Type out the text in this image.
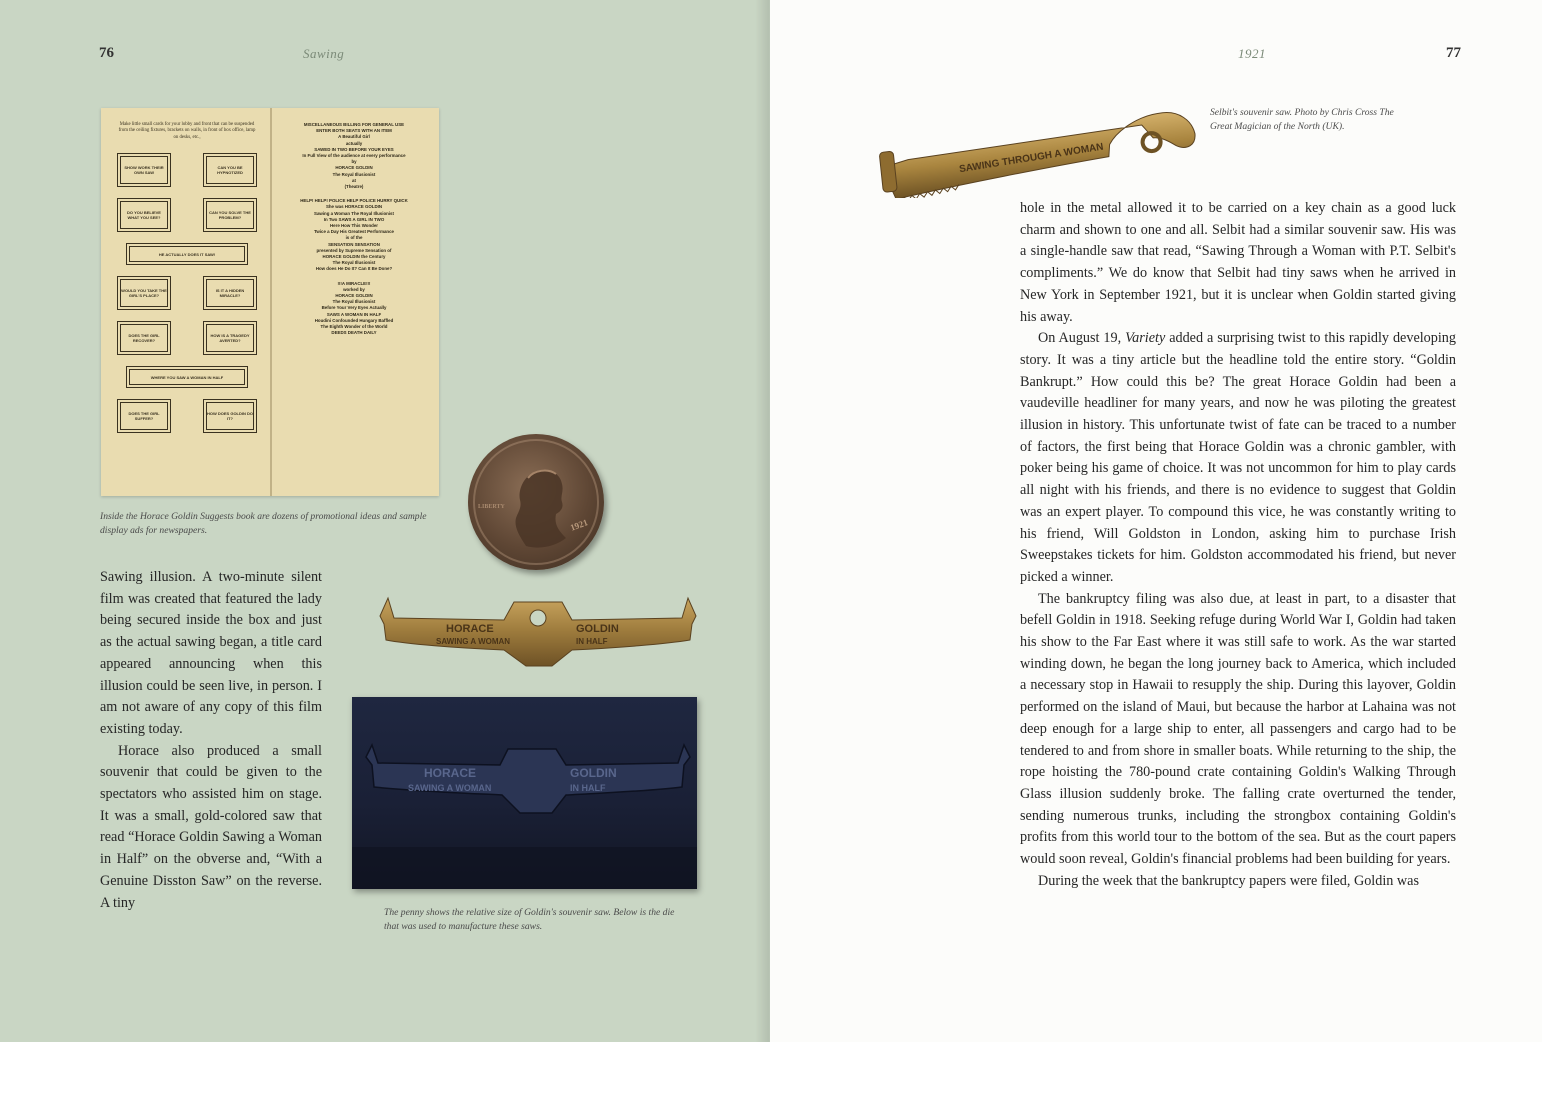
76	Sawing
Make little small cards for your lobby and front that can be suspended from the ceiling fixtures, brackets on walls, in front of box office, lamp on desks, etc.,
SHOW WORK THEIR OWN SAW
CAN YOU BE HYPNOTIZED
DO YOU BELIEVE WHAT YOU SEE?
CAN YOU SOLVE THE PROBLEM?
HE ACTUALLY DOES IT SAW!
WOULD YOU TAKE THE GIRL'S PLACE?
IS IT A HIDDEN MIRACLE?
DOES THE GIRL RECOVER?
HOW IS A TRAGEDY AVERTED?
WHERE YOU SAW A WOMAN IN HALF
DOES THE GIRL SUFFER?
HOW DOES GOLDIN DO IT?
MISCELLANEOUS BILLING FOR GENERAL USE
ENTER BOTH SEATS WITH AN ITEM
A Beautiful Girl
actually
SAWED IN TWO BEFORE YOUR EYES
In Full View of the audience at every performance
by
HORACE GOLDIN
The Royal Illusionist
at
(Theatre)
HELP! HELP! POLICE HELP POLICE HURRY QUICK
She was HORACE GOLDIN
Sawing a Woman The Royal Illusionist
In Two SAWS A GIRL IN TWO
Here How This Wonder
Twice a Day His Greatest Performance
is of the
SENSATION SENSATION
presented by Supreme Sensation of
HORACE GOLDIN the Century
The Royal Illusionist
How does He Do It? Can It Be Done?
!!!A MIRACLE!!!
worked by
HORACE GOLDIN
The Royal Illusionist
Before Your Very Eyes Actually
SAWS A WOMAN IN HALF
Houdini Confounded Hungary Baffled
The Eighth Wonder of the World
DEEDS DEATH DAILY
Inside the Horace Goldin Suggests book are dozens of promotional ideas and sample display ads for newspapers.	1921
LIBERTY
HORACE	GOLDIN
SAWING A WOMAN	IN HALF
HORACE	GOLDIN
SAWING A WOMAN	IN HALF
The penny shows the relative size of Goldin's souvenir saw. Below is the die that was used to manufacture these saws.

Sawing illusion. A two-minute silent film was created that featured the lady being secured inside the box and just as the actual sawing began, a title card appeared announcing when this illusion could be seen live, in person. I am not aware of any copy of this film existing today.

Horace also produced a small souvenir that could be given to the spectators who assisted him on stage. It was a small, gold-colored saw that read “Horace Goldin Sawing a Woman in Half” on the obverse and, “With a Genuine Disston Saw” on the reverse. A tiny

1921	77
SAWING THROUGH A WOMAN
Selbit's souvenir saw. Photo by Chris Cross The Great Magician of the North (UK).

hole in the metal allowed it to be carried on a key chain as a good luck charm and shown to one and all. Selbit had a similar souvenir saw. His was a single-handle saw that read, “Sawing Through a Woman with P.T. Selbit's compliments.” We do know that Selbit had tiny saws when he arrived in New York in September 1921, but it is unclear when Goldin started giving his away.

On August 19, Variety added a surprising twist to this rapidly developing story. It was a tiny article but the headline told the entire story. “Goldin Bankrupt.” How could this be? The great Horace Goldin had been a vaudeville headliner for many years, and now he was piloting the greatest illusion in history. This unfortunate twist of fate can be traced to a number of factors, the first being that Horace Goldin was a chronic gambler, with poker being his game of choice. It was not uncommon for him to play cards all night with his friends, and there is no evidence to suggest that Goldin was an expert player. To compound this vice, he was constantly writing to his friend, Will Goldston in London, asking him to purchase Irish Sweepstakes tickets for him. Goldston accommodated his friend, but never picked a winner.

The bankruptcy filing was also due, at least in part, to a disaster that befell Goldin in 1918. Seeking refuge during World War I, Goldin had taken his show to the Far East where it was still safe to work. As the war started winding down, he began the long journey back to America, which included a necessary stop in Hawaii to resupply the ship. During this layover, Goldin performed on the island of Maui, but because the harbor at Lahaina was not deep enough for a large ship to enter, all passengers and cargo had to be tendered to and from shore in smaller boats. While returning to the ship, the rope hoisting the 780-pound crate containing Goldin's Walking Through Glass illusion suddenly broke. The falling crate overturned the tender, sending numerous trunks, including the strongbox containing Goldin's profits from this world tour to the bottom of the sea. But as the court papers would soon reveal, Goldin's financial problems had been building for years.

During the week that the bankruptcy papers were filed, Goldin was
